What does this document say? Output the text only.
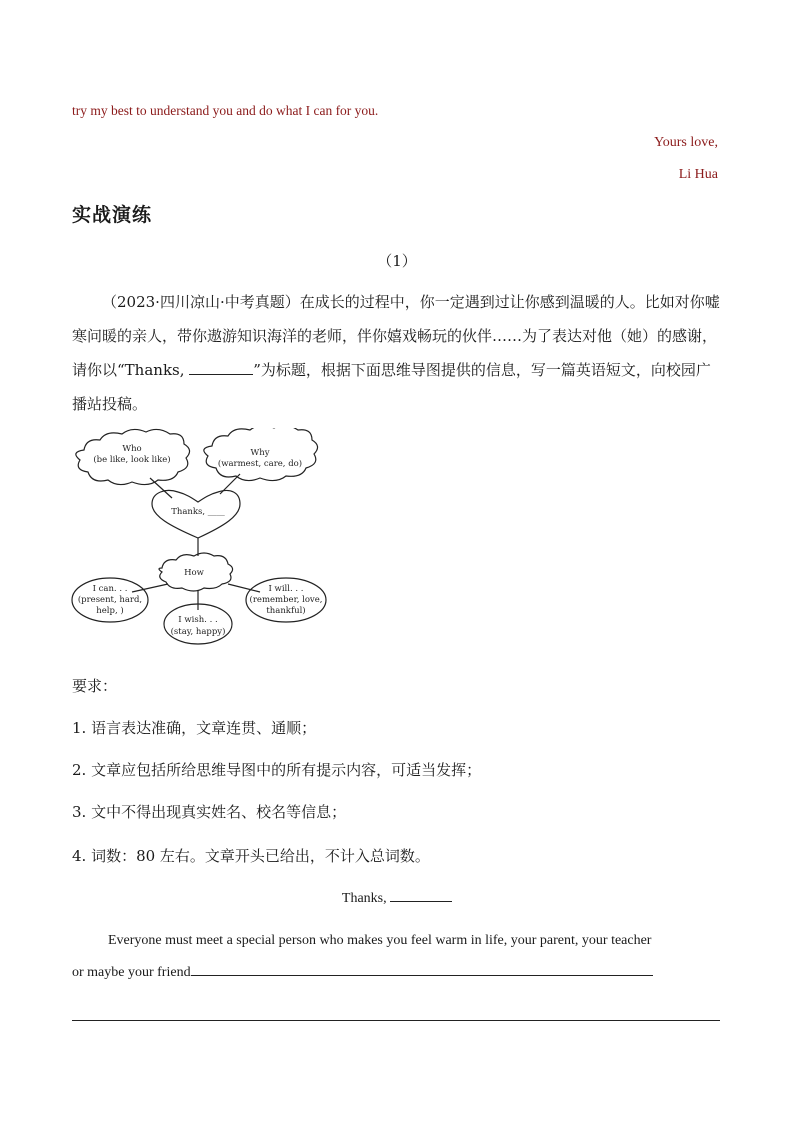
try my best to understand you and do what I can for you.
Yours love,
Li Hua
实战演练
（1）
（2023·四川凉山·中考真题）在成长的过程中，你一定遇到过让你感到温暖的人。比如对你嘘寒问暖的亲人，带你遨游知识海洋的老师，伴你嬉戏畅玩的伙伴……为了表达对他（她）的感谢，请你以“Thanks,	”为标题，根据下面思维导图提供的信息，写一篇英语短文，向校园广播站投稿。
Who
(be like, look like)
Why
(warmest, care, do)
Thanks, ____
How
I can. . .
(present, hard,
help, )
I wish. . .
(stay, happy)
I will. . .
(remember, love,
thankful)
要求：
1. 语言表达准确，文章连贯、通顺；
2. 文章应包括所给思维导图中的所有提示内容，可适当发挥；
3. 文中不得出现真实姓名、校名等信息；
4. 词数：80 左右。文章开头已给出，不计入总词数。
Thanks,
Everyone must meet a special person who makes you feel warm in life, your parent, your teacher
or maybe your friend
